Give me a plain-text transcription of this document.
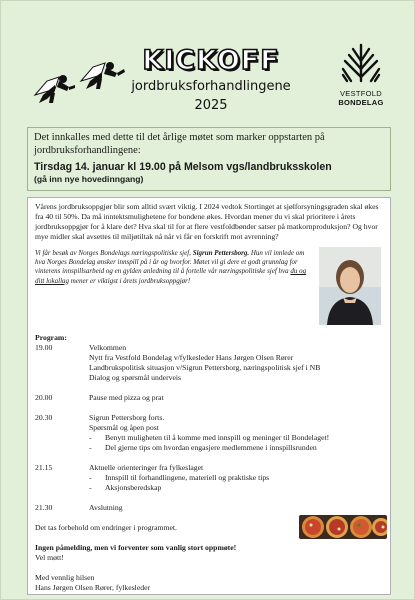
KICKOFF
jordbruksforhandlingene
2025
VESTFOLD
BONDELAG
Det innkalles med dette til det årlige møtet som marker oppstarten på jordbruksforhandlingene:
Tirsdag 14. januar kl 19.00 på Melsom vgs/landbruksskolen
(gå inn nye hovedinngang)

Vårens jordbruksoppgjør blir som alltid svært viktig. I 2024 vedtok Stortinget at sjølforsyningsgraden skal økes fra 40 til 50%. Da må inntektsmulighetene for bondene økes. Hvordan mener du vi skal prioritere i årets jordbruksoppgjør for å klare det? Hva skal til for at flere vestfoldbønder satser på matkornproduksjon? Og hvor mye midler skal avsettes til miljøtiltak nå når vi får en forskrift mot avrenning?

Vi får besøk av Norges Bondelags næringspolitiske sjef, Sigrun Pettersborg. Hun vil innlede om hva Norges Bondelag ønsker innspill på i år og hvorfor. Møtet vil gi dere et godt grunnlag for vinterens innspillsarbeid og en gylden anledning til å fortelle vår næringspolitiske sjef hva du og ditt lokallag mener er viktigst i årets jordbruksoppgjør!

Program:
19.00	Velkommen
Nytt fra Vestfold Bondelag v/fylkesleder Hans Jørgen Olsen Rører
Landbrukspolitisk situasjon v/Sigrun Pettersborg, næringspolitisk sjef i NB
Dialog og spørsmål underveis
20.00	Pause med pizza og prat
20.30	Sigrun Pettersborg forts.
Spørsmål og åpen post
-	Benytt muligheten til å komme med innspill og meninger til Bondelaget!
-	Del gjerne tips om hvordan engasjere medlemmene i innspillsrunden
21.15	Aktuelle orienteringer fra fylkeslaget
-	Innspill til forhandlingene, materiell og praktiske tips
-	Aksjonsberedskap
21.30	Avslutning

Det tas forbehold om endringer i programmet.

Ingen påmelding, men vi forventer som vanlig stort oppmøte!

Vel møtt!

Med vennlig hilsen

Hans Jørgen Olsen Rører, fylkesleder
